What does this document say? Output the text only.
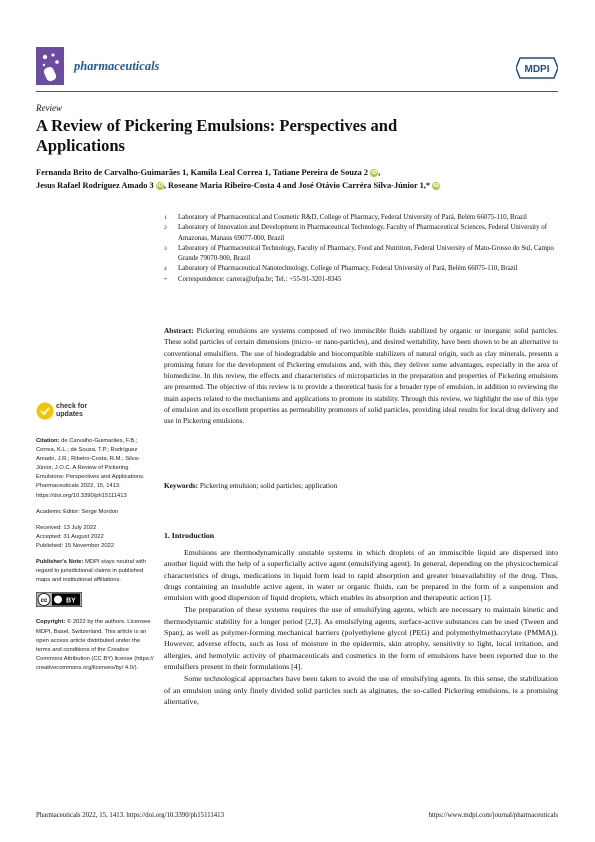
pharmaceuticals	MDPI
Review
A Review of Pickering Emulsions: Perspectives and Applications
Fernanda Brito de Carvalho-Guimarães 1, Kamila Leal Correa 1, Tatiane Pereira de Souza 2 iD,
Jesus Rafael Rodríguez Amado 3 iD, Roseane Maria Ribeiro-Costa 4 and José Otávio Carréra Silva-Júnior 1,* iD
1	Laboratory of Pharmaceutical and Cosmetic R&D, College of Pharmacy, Federal University of Pará, Belém 66075-110, Brazil
2	Laboratory of Innovation and Development in Pharmaceutical Technology, Faculty of Pharmaceutical Sciences, Federal University of Amazonas, Manaus 69077-000, Brazil
3	Laboratory of Pharmaceutical Technology, Faculty of Pharmacy, Food and Nutrition, Federal University of Mato-Grosso do Sul, Campo Grande 79070-900, Brazil
4	Laboratory of Pharmaceutical Nanotechnology, College of Pharmacy, Federal University of Pará, Belém 66075-110, Brazil
*	Correspondence: carrera@ufpa.br; Tel.: +55-91-3201-8345
Abstract: Pickering emulsions are systems composed of two immiscible fluids stabilized by organic or inorganic solid particles. These solid particles of certain dimensions (micro- or nano-particles), and desired wettability, have been shown to be an alternative to conventional emulsifiers. The use of biodegradable and biocompatible stabilizers of natural origin, such as clay minerals, presents a promising future for the development of Pickering emulsions and, with this, they deliver some advantages, especially in the area of biomedicine. In this review, the effects and characteristics of microparticles in the preparation and properties of Pickering emulsions are presented. The objective of this review is to provide a theoretical basis for a broader type of emulsion, in addition to reviewing the main aspects related to the mechanisms and applications to promote its stability. Through this review, we highlight the use of this type of emulsion and its excellent properties as permeability promoters of solid particles, providing ideal results for local drug delivery and use in Pickering emulsions.
Keywords: Pickering emulsion; solid particles; application
check for
updates
Citation: de Carvalho-Guimarães, F.B.; Correa, K.L.; de Souza, T.P.; Rodríguez Amado, J.R.; Ribeiro-Costa, R.M.; Silva-Júnior, J.O.C. A Review of Pickering Emulsions: Perspectives and Applications. Pharmaceuticals 2022, 15, 1413. https://doi.org/10.3390/ph15111413
Academic Editor: Serge Mordon
Received: 13 July 2022
Accepted: 31 August 2022
Published: 15 November 2022
Publisher's Note: MDPI stays neutral with regard to jurisdictional claims in published maps and institutional affiliations.
cc	BY
Copyright: © 2022 by the authors. Licensee MDPI, Basel, Switzerland. This article is an open access article distributed under the terms and conditions of the Creative Commons Attribution (CC BY) license (https:// creativecommons.org/licenses/by/ 4.0/).
1. Introduction

Emulsions are thermodynamically unstable systems in which droplets of an immiscible liquid are dispersed into another liquid with the help of a superficially active agent (emulsifying agent). In general, depending on the physicochemical characteristics of drugs, medications in liquid form lead to rapid absorption and greater bioavailability of the drug. Thus, drugs containing an insoluble active agent, in water or organic fluids, can be prepared in the form of a suspension and emulsion with good dispersion of liquid droplets, which enables its absorption and therapeutic action [1].

The preparation of these systems requires the use of emulsifying agents, which are necessary to maintain kinetic and thermodynamic stability for a longer period [2,3]. As emulsifying agents, surface-active substances can be used (Tween and Span), as well as polymer-forming mechanical barriers (polyethylene glycol (PEG) and polymethylmethacrylate (PMMA)). However, adverse effects, such as loss of moisture in the epidermis, skin atrophy, sensitivity to light, local irritation, and allergies, and hemolytic activity of pharmaceuticals and cosmetics in the form of emulsions have been reported due to the emulsifiers present in their formulations [4].

Some technological approaches have been taken to avoid the use of emulsifying agents. In this sense, the stabilization of an emulsion using only finely divided solid particles such as alginates, the so-called Pickering emulsions, is a promising alternative,

Pharmaceuticals 2022, 15, 1413. https://doi.org/10.3390/ph15111413	https://www.mdpi.com/journal/pharmaceuticals
